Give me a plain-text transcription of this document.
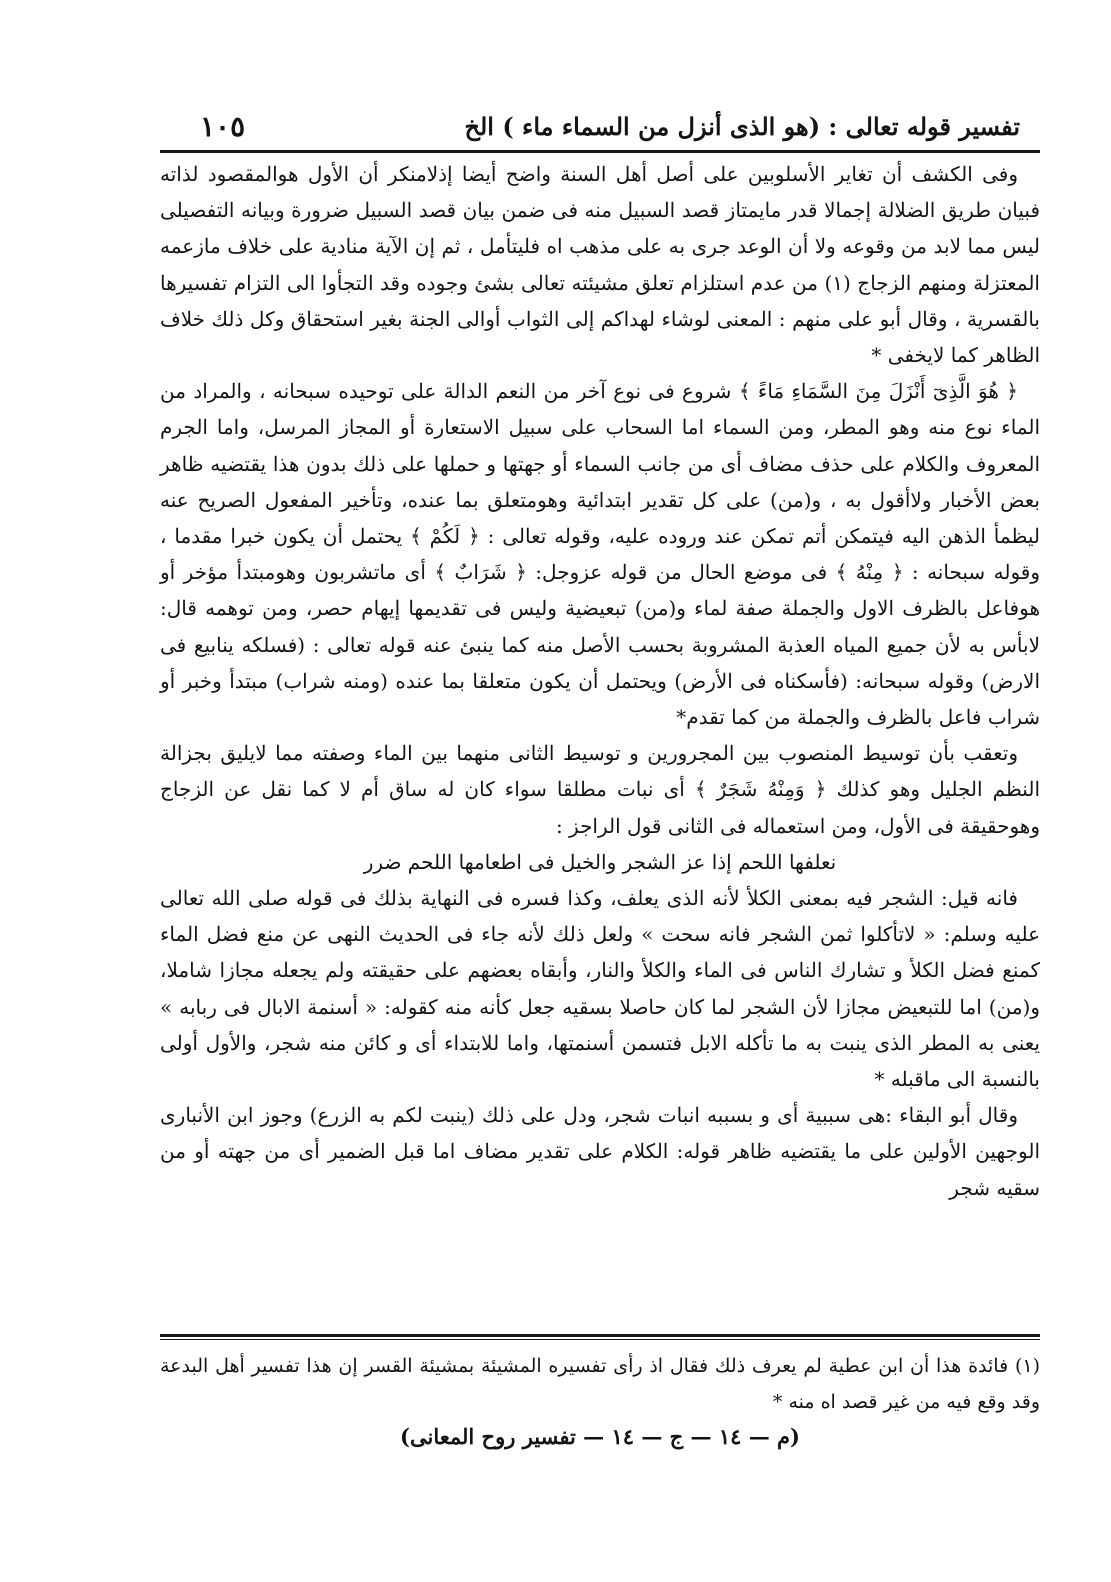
تفسير قوله تعالى : (هو الذى أنزل من السماء ماء ) الخ
١٠٥

وفى الكشف أن تغاير الأسلوبين على أصل أهل السنة واضح أيضا إذلامنكر أن الأول هوالمقصود لذاته فبيان طريق الضلالة إجمالا قدر مايمتاز قصد السبيل منه فى ضمن بيان قصد السبيل ضرورة وبيانه التفصيلى ليس مما لابد من وقوعه ولا أن الوعد جرى به على مذهب اه فليتأمل ، ثم إن الآية منادية على خلاف مازعمه المعتزلة ومنهم الزجاج (١) من عدم استلزام تعلق مشيئته تعالى بشئ وجوده وقد التجأوا الى التزام تفسيرها بالقسرية ، وقال أبو على منهم : المعنى لوشاء لهداكم إلى الثواب أوالى الجنة بغير استحقاق وكل ذلك خلاف الظاهر كما لايخفى *

﴿ هُوَ الَّذِىٓ أَنْزَلَ مِنَ السَّمَاءِ مَاءً ﴾ شروع فى نوع آخر من النعم الدالة على توحيده سبحانه ، والمراد من الماء نوع منه وهو المطر، ومن السماء اما السحاب على سبيل الاستعارة أو المجاز المرسل، واما الجرم المعروف والكلام على حذف مضاف أى من جانب السماء أو جهتها و حملها على ذلك بدون هذا يقتضيه ظاهر بعض الأخبار ولاأقول به ، و(من) على كل تقدير ابتدائية وهومتعلق بما عنده، وتأخير المفعول الصريح عنه ليظمأ الذهن اليه فيتمكن أتم تمكن عند وروده عليه، وقوله تعالى : ﴿ لَكُمْ ﴾ يحتمل أن يكون خبرا مقدما ، وقوله سبحانه : ﴿ مِنْهُ ﴾ فى موضع الحال من قوله عزوجل: ﴿ شَرَابٌ ﴾ أى ماتشربون وهومبتدأ مؤخر أو هوفاعل بالظرف الاول والجملة صفة لماء و(من) تبعيضية وليس فى تقديمها إيهام حصر، ومن توهمه قال: لابأس به لأن جميع المياه العذبة المشروبة بحسب الأصل منه كما ينبئ عنه قوله تعالى : (فسلكه ينابيع فى الارض) وقوله سبحانه: (فأسكناه فى الأرض) ويحتمل أن يكون متعلقا بما عنده (ومنه شراب) مبتدأ وخبر أو شراب فاعل بالظرف والجملة من كما تقدم*

وتعقب بأن توسيط المنصوب بين المجرورين و توسيط الثانى منهما بين الماء وصفته مما لايليق بجزالة النظم الجليل وهو كذلك ﴿ وَمِنْهُ شَجَرٌ ﴾ أى نبات مطلقا سواء كان له ساق أم لا كما نقل عن الزجاج وهوحقيقة فى الأول، ومن استعماله فى الثانى قول الراجز :

نعلفها اللحم إذا عز الشجر والخيل فى اطعامها اللحم ضرر

فانه قيل: الشجر فيه بمعنى الكلأ لأنه الذى يعلف، وكذا فسره فى النهاية بذلك فى قوله صلى الله تعالى عليه وسلم: « لاتأكلوا ثمن الشجر فانه سحت » ولعل ذلك لأنه جاء فى الحديث النهى عن منع فضل الماء كمنع فضل الكلأ و تشارك الناس فى الماء والكلأ والنار، وأبقاه بعضهم على حقيقته ولم يجعله مجازا شاملا، و(من) اما للتبعيض مجازا لأن الشجر لما كان حاصلا بسقيه جعل كأنه منه كقوله: « أسنمة الابال فى ربابه » يعنى به المطر الذى ينبت به ما تأكله الابل فتسمن أسنمتها، واما للابتداء أى و كائن منه شجر، والأول أولى بالنسبة الى ماقبله *

وقال أبو البقاء :هى سببية أى و بسببه انبات شجر، ودل على ذلك (ينبت لكم به الزرع) وجوز ابن الأنبارى الوجهين الأولين على ما يقتضيه ظاهر قوله: الكلام على تقدير مضاف اما قبل الضمير أى من جهته أو من سقيه شجر

(١) فائدة هذا أن ابن عطية لم يعرف ذلك فقال اذ رأى تفسيره المشيئة بمشيئة القسر إن هذا تفسير أهل البدعة وقد وقع فيه من غير قصد اه منه *

(م — ١٤ — ج — ١٤ — تفسير روح المعانى)
